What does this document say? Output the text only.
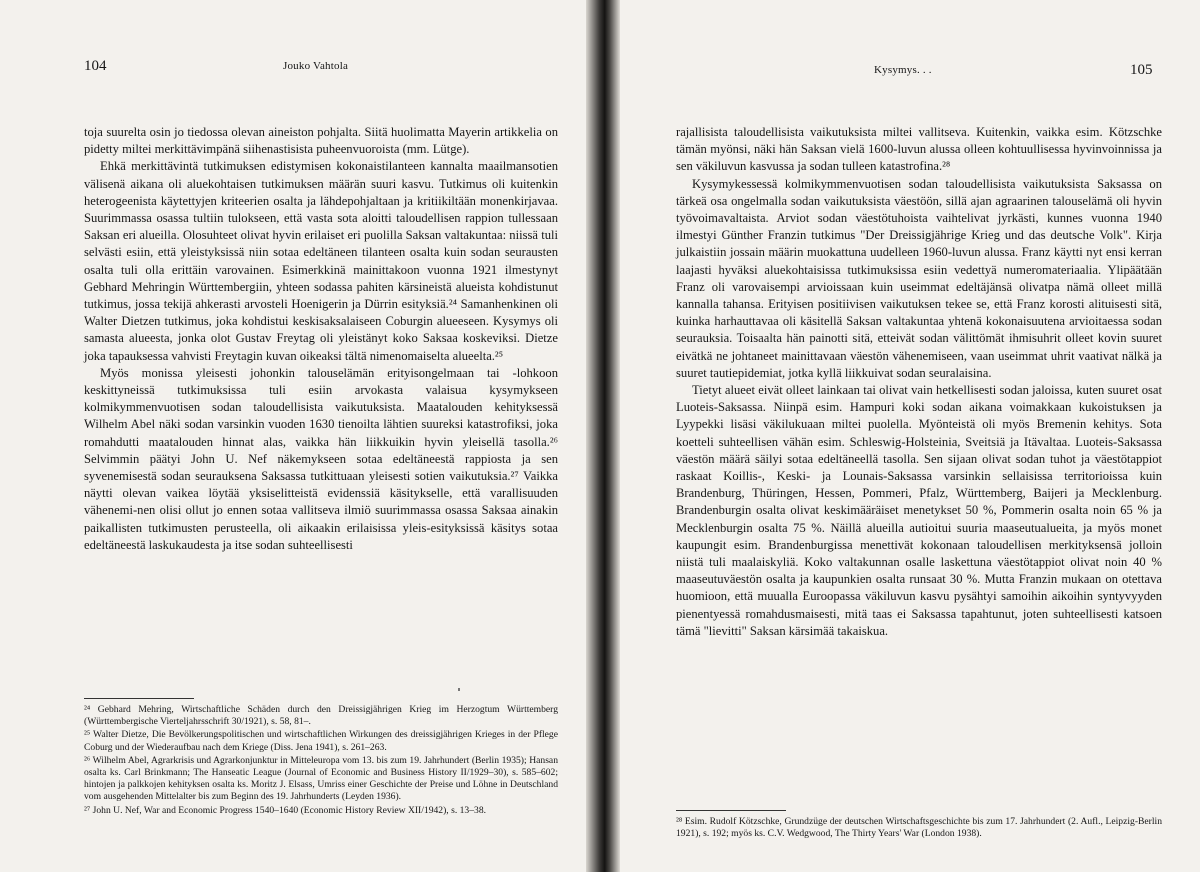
104	Jouko Vahtola

toja suurelta osin jo tiedossa olevan aineiston pohjalta. Siitä huolimatta Mayerin artikkelia on pidetty miltei merkittävimpänä siihenastisista puheenvuoroista (mm. Lütge).

Ehkä merkittävintä tutkimuksen edistymisen kokonaistilanteen kannalta maailmansotien välisenä aikana oli aluekohtaisen tutkimuksen määrän suuri kasvu. Tutkimus oli kuitenkin heterogeenista käytettyjen kriteerien osalta ja lähdepohjaltaan ja kritiikiltään monenkirjavaa. Suurimmassa osassa tultiin tulokseen, että vasta sota aloitti taloudellisen rappion tullessaan Saksan eri alueilla. Olosuhteet olivat hyvin erilaiset eri puolilla Saksan valtakuntaa: niissä tuli selvästi esiin, että yleistyksissä niin sotaa edeltäneen tilanteen osalta kuin sodan seurausten osalta tuli olla erittäin varovainen. Esimerkkinä mainittakoon vuonna 1921 ilmestynyt Gebhard Mehringin Württembergiin, yhteen sodassa pahiten kärsineistä alueista kohdistunut tutkimus, jossa tekijä ahkerasti arvosteli Hoenigerin ja Dürrin esityksiä.²⁴ Samanhenkinen oli Walter Dietzen tutkimus, joka kohdistui keskisaksalaiseen Coburgin alueeseen. Kysymys oli samasta alueesta, jonka olot Gustav Freytag oli yleistänyt koko Saksaa koskeviksi. Dietze joka tapauksessa vahvisti Freytagin kuvan oikeaksi tältä nimenomaiselta alueelta.²⁵

Myös monissa yleisesti johonkin talouselämän erityisongelmaan tai -lohkoon keskittyneissä tutkimuksissa tuli esiin arvokasta valaisua kysymykseen kolmikymmenvuotisen sodan taloudellisista vaikutuksista. Maatalouden kehityksessä Wilhelm Abel näki sodan varsinkin vuoden 1630 tienoilta lähtien suureksi katastrofiksi, joka romahdutti maatalouden hinnat alas, vaikka hän liikkuikin hyvin yleisellä tasolla.²⁶ Selvimmin päätyi John U. Nef näkemykseen sotaa edeltäneestä rappiosta ja sen syvenemisestä sodan seurauksena Saksassa tutkittuaan yleisesti sotien vaikutuksia.²⁷ Vaikka näytti olevan vaikea löytää yksiselitteistä evidenssiä käsitykselle, että varallisuuden vähenemi-nen olisi ollut jo ennen sotaa vallitseva ilmiö suurimmassa osassa Saksaa ainakin paikallisten tutkimusten perusteella, oli aikaakin erilaisissa yleis-esityksissä käsitys sotaa edeltäneestä laskukaudesta ja itse sodan suhteellisesti

²⁴ Gebhard Mehring, Wirtschaftliche Schäden durch den Dreissigjährigen Krieg im Herzogtum Württemberg (Württembergische Vierteljahrsschrift 30/1921), s. 58, 81–.

²⁵ Walter Dietze, Die Bevölkerungspolitischen und wirtschaftlichen Wirkungen des dreissigjährigen Krieges in der Pflege Coburg und der Wiederaufbau nach dem Kriege (Diss. Jena 1941), s. 261–263.

²⁶ Wilhelm Abel, Agrarkrisis und Agrarkonjunktur in Mitteleuropa vom 13. bis zum 19. Jahrhundert (Berlin 1935); Hansan osalta ks. Carl Brinkmann; The Hanseatic League (Journal of Economic and Business History II/1929–30), s. 585–602; hintojen ja palkkojen kehityksen osalta ks. Moritz J. Elsass, Umriss einer Geschichte der Preise und Löhne in Deutschland vom ausgehenden Mittelalter bis zum Beginn des 19. Jahrhunderts (Leyden 1936).

²⁷ John U. Nef, War and Economic Progress 1540–1640 (Economic History Review XII/1942), s. 13–38.

Kysymys. . .	105

rajallisista taloudellisista vaikutuksista miltei vallitseva. Kuitenkin, vaikka esim. Kötzschke tämän myönsi, näki hän Saksan vielä 1600-luvun alussa olleen kohtuullisessa hyvinvoinnissa ja sen väkiluvun kasvussa ja sodan tulleen katastrofina.²⁸

Kysymykessessä kolmikymmenvuotisen sodan taloudellisista vaikutuksista Saksassa on tärkeä osa ongelmalla sodan vaikutuksista väestöön, sillä ajan agraarinen talouselämä oli hyvin työvoimavaltaista. Arviot sodan väestötuhoista vaihtelivat jyrkästi, kunnes vuonna 1940 ilmestyi Günther Franzin tutkimus "Der Dreissigjährige Krieg und das deutsche Volk". Kirja julkaistiin jossain määrin muokattuna uudelleen 1960-luvun alussa. Franz käytti nyt ensi kerran laajasti hyväksi aluekohtaisissa tutkimuksissa esiin vedettyä numeromateriaalia. Ylipäätään Franz oli varovaisempi arvioissaan kuin useimmat edeltäjänsä olivatpa nämä olleet millä kannalla tahansa. Erityisen positiivisen vaikutuksen tekee se, että Franz korosti alituisesti sitä, kuinka harhauttavaa oli käsitellä Saksan valtakuntaa yhtenä kokonaisuutena arvioitaessa sodan seurauksia. Toisaalta hän painotti sitä, etteivät sodan välittömät ihmisuhrit olleet kovin suuret eivätkä ne johtaneet mainittavaan väestön vähenemiseen, vaan useimmat uhrit vaativat nälkä ja suuret tautiepidemiat, jotka kyllä liikkuivat sodan seuralaisina.

Tietyt alueet eivät olleet lainkaan tai olivat vain hetkellisesti sodan jaloissa, kuten suuret osat Luoteis-Saksassa. Niinpä esim. Hampuri koki sodan aikana voimakkaan kukoistuksen ja Lyypekki lisäsi väkilukuaan miltei puolella. Myönteistä oli myös Bremenin kehitys. Sota koetteli suhteellisen vähän esim. Schleswig-Holsteinia, Sveitsiä ja Itävaltaa. Luoteis-Saksassa väestön määrä säilyi sotaa edeltäneellä tasolla. Sen sijaan olivat sodan tuhot ja väestötappiot raskaat Koillis-, Keski- ja Lounais-Saksassa varsinkin sellaisissa territorioissa kuin Brandenburg, Thüringen, Hessen, Pommeri, Pfalz, Württemberg, Baijeri ja Mecklenburg. Brandenburgin osalta olivat keskimääräiset menetykset 50 %, Pommerin osalta noin 65 % ja Mecklenburgin osalta 75 %. Näillä alueilla autioitui suuria maaseutualueita, ja myös monet kaupungit esim. Brandenburgissa menettivät kokonaan taloudellisen merkityksensä jolloin niistä tuli maalaiskyliä. Koko valtakunnan osalle laskettuna väestötappiot olivat noin 40 % maaseutuväestön osalta ja kaupunkien osalta runsaat 30 %. Mutta Franzin mukaan on otettava huomioon, että muualla Euroopassa väkiluvun kasvu pysähtyi samoihin aikoihin syntyvyyden pienentyessä romahdusmaisesti, mitä taas ei Saksassa tapahtunut, joten suhteellisesti katsoen tämä "lievitti" Saksan kärsimää takaiskua.

²⁸ Esim. Rudolf Kötzschke, Grundzüge der deutschen Wirtschaftsgeschichte bis zum 17. Jahrhundert (2. Aufl., Leipzig-Berlin 1921), s. 192; myös ks. C.V. Wedgwood, The Thirty Years' War (London 1938).
